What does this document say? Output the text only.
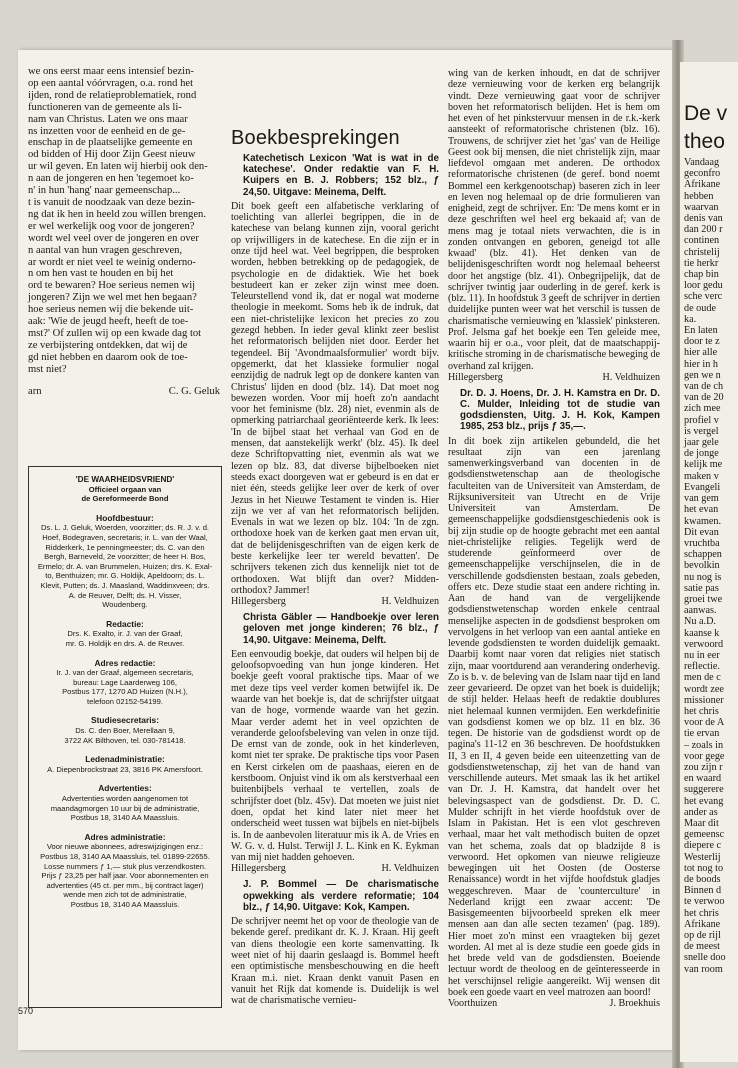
we ons eerst maar eens intensief bezin-
op een aantal vóórvragen, o.a. rond het
ijden, rond de relatieproblematiek, rond
functioneren van de gemeente als li-
nam van Christus. Laten we ons maar
ns inzetten voor de eenheid en de ge-
enschap in de plaatselijke gemeente en
od bidden of Hij door Zijn Geest nieuw
ur wil geven. En laten wij hierbij ook den-
n aan de jongeren en hen 'tegemoet ko-
n' in hun 'hang' naar gemeenschap...
t is vanuit de noodzaak van deze bezin-
ng dat ik hen in heeld zou willen brengen.
er wel werkelijk oog voor de jongeren?
wordt wel veel over de jongeren en over
n aantal van hun vragen geschreven,
ar wordt er niet veel te weinig onderno-
n om hen vast te houden en bij het
ord te bewaren? Hoe serieus nemen wij
jongeren? Zijn we wel met hen begaan?
hoe serieus nemen wij die bekende uit-
aak: 'Wie de jeugd heeft, heeft de toe-
mst?' Of zullen wij op een kwade dag tot
ze verbijstering ontdekken, dat wij de
gd niet hebben en daarom ook de toe-
mst niet?

arn	C. G. Geluk
'DE WAARHEIDSVRIEND'

Officieel orgaan van
de Gereformeerde Bond

Hoofdbestuur:

Ds. L. J. Geluk, Woerden, voorzitter; ds. R. J. v. d.
Hoef, Bodegraven, secretaris; ir. L. van der Waal,
Ridderkerk, 1e penningmeester; ds. C. van den
Bergh, Barneveld, 2e voorzitter; de heer H. Bos,
Ermelo; dr. A. van Brummelen, Huizen; drs. K. Exal-
to, Benthuizen; mr. G. Holdijk, Apeldoorn; ds. L.
Klevit, Putten; ds. J. Maasland, Waddinxveen; drs.
A. de Reuver, Delft; ds. H. Visser,
Woudenberg.

Redactie:

Drs. K. Exalto, ir. J. van der Graaf,
mr. G. Holdijk en drs. A. de Reuver.

Adres redactie:

Ir. J. van der Graaf, algemeen secretaris,
bureau: Lage Laarderweg 106,
Postbus 177, 1270 AD Huizen (N.H.),
telefoon 02152-54199.

Studiesecretaris:

Ds. C. den Boer, Merellaan 9,
3722 AK Bilthoven, tel. 030-781418.

Ledenadministratie:

A. Diepenbrockstraat 23, 3816 PK Amersfoort.

Advertenties:

Advertenties worden aangenomen tot
maandagmorgen 10 uur bij de administratie,
Postbus 18, 3140 AA Maassluis.

Adres administratie:

Voor nieuwe abonnees, adreswijzigingen enz.:
Postbus 18, 3140 AA Maassluis, tel. 01899-22655.
Losse nummers ƒ 1,— stuk plus verzendkosten.
Prijs ƒ 23,25 per half jaar. Voor abonnementen en
advertenties (45 ct. per mm., bij contract lager)
wende men zich tot de administratie,
Postbus 18, 3140 AA Maassluis.

570
Boekbesprekingen
Katechetisch Lexicon 'Wat is wat in de katechese'. Onder redaktie van F. H. Kuipers en B. J. Robbers; 152 blz., ƒ 24,50. Uitgave: Meinema, Delft.

Dit boek geeft een alfabetische verklaring of toelichting van allerlei begrippen, die in de katechese van belang kunnen zijn, vooral gericht op vrijwilligers in de katechese. En die zijn er in onze tijd heel wat. Veel begrippen, die besproken worden, hebben betrekking op de pedagogiek, de psychologie en de didaktiek. Wie het boek bestudeert kan er zeker zijn winst mee doen. Teleurstellend vond ik, dat er nogal wat moderne theologie in meekomt. Soms heb ik de indruk, dat een niet-christelijke lexicon het precies zo zou gezegd hebben. In ieder geval klinkt zeer beslist het reformatorisch belijden niet door. Eerder het tegendeel. Bij 'Avondmaalsformulier' wordt bijv. opgemerkt, dat het klassieke formulier nogal eenzijdig de nadruk legt op de donkere kanten van Christus' lijden en dood (blz. 14). Dat moet nog bewezen worden. Voor mij hoeft zo'n aandacht voor het feminisme (blz. 28) niet, evenmin als de opmerking patriarchaal georiënteerde kerk. Ik lees: 'In de bijbel staat het verhaal van God en de mensen, dat aanstekelijk werkt' (blz. 45). Ik deel deze Schriftopvatting niet, evenmin als wat we lezen op blz. 83, dat diverse bijbelboeken niet steeds exact doorgeven wat er gebeurd is en dat er niet één, steeds gelijke leer over de kerk of over Jezus in het Nieuwe Testament te vinden is. Hier zijn we ver af van het reformatorisch belijden. Evenals in wat we lezen op blz. 104: 'In de zgn. orthodoxe hoek van de kerken gaat men ervan uit, dat de belijdenisgeschriften van de eigen kerk de beste kerkelijke leer ter wereld bevatten'. De schrijvers tekenen zich dus kennelijk niet tot de orthodoxen. Wat blijft dan over? Midden-orthodox? Jammer!

Hillegersberg	H. Veldhuizen
Christa Gäbler — Handboekje over leren geloven met jonge kinderen; 76 blz., ƒ 14,90. Uitgave: Meinema, Delft.

Een eenvoudig boekje, dat ouders wil helpen bij de geloofsopvoeding van hun jonge kinderen. Het boekje geeft vooral praktische tips. Maar of we met deze tips veel verder komen betwijfel ik. De waarde van het boekje is, dat de schrijfster uitgaat van de hoge, vormende waarde van het gezin. Maar verder ademt het in veel opzichten de veranderde geloofsbeleving van velen in onze tijd. De ernst van de zonde, ook in het kinderleven, komt niet ter sprake. De praktische tips voor Pasen en Kerst cirkelen om de paashaas, eieren en de kerstboom. Onjuist vind ik om als kerstverhaal een buitenbijbels verhaal te vertellen, zoals de schrijfster doet (blz. 45v). Dat moeten we juist niet doen, opdat het kind later niet meer het onderscheid weet tussen wat bijbels en niet-bijbels is. In de aanbevolen literatuur mis ik A. de Vries en W. G. v. d. Hulst. Terwijl J. L. Kink en K. Eykman van mij niet hadden gehoeven.

Hillegersberg	H. Veldhuizen
J. P. Bommel — De charismatische opwekking als verdere reformatie; 104 blz., ƒ 14,90. Uitgave: Kok, Kampen.

De schrijver neemt het op voor de theologie van de bekende geref. predikant dr. K. J. Kraan. Hij geeft van diens theologie een korte samenvatting. Ik weet niet of hij daarin geslaagd is. Bommel heeft een optimistische mensbeschouwing en die heeft Kraan m.i. niet. Kraan denkt vanuit Pasen en vanuit het Rijk dat komende is. Duidelijk is wel wat de charismatische vernieu-

wing van de kerken inhoudt, en dat de schrijver deze vernieuwing voor de kerken erg belangrijk vindt. Deze vernieuwing gaat voor de schrijver boven het reformatorisch belijden. Het is hem om het even of het pinkstervuur mensen in de r.k.-kerk aansteekt of reformatorische christenen (blz. 16). Trouwens, de schrijver ziet het 'gas' van de Heilige Geest ook bij mensen, die niet christelijk zijn, maar liefdevol omgaan met anderen. De orthodox reformatorische christenen (de geref. bond noemt Bommel een kerkgenootschap) baseren zich in leer en leven nog helemaal op de drie formulieren van enigheid, zegt de schrijver. En: 'De mens komt er in deze geschriften wel heel erg bekaaid af; van de mens mag je totaal niets verwachten, die is in zonden ontvangen en geboren, geneigd tot alle kwaad' (blz. 41). Het denken van de belijdenisgeschriften wordt nog helemaal beheerst door het angstige (blz. 41). Onbegrijpelijk, dat de schrijver twintig jaar ouderling in de geref. kerk is (blz. 11). In hoofdstuk 3 geeft de schrijver in dertien duidelijke punten weer wat het verschil is tussen de charismatische vernieuwing en 'klassiek' pinksteren. Prof. Jelsma gaf het boekje een Ten geleide mee, waarin hij er o.a., voor pleit, dat de maatschappij-kritische stroming in de charismatische beweging de overhand zal krijgen.

Hillegersberg	H. Veldhuizen
Dr. D. J. Hoens, Dr. J. H. Kamstra en Dr. D. C. Mulder, Inleiding tot de studie van godsdiensten, Uitg. J. H. Kok, Kampen 1985, 253 blz., prijs ƒ 35,—.

In dit boek zijn artikelen gebundeld, die het resultaat zijn van een jarenlang samenwerkingsverband van docenten in de godsdienstwetenschap aan de theologische faculteiten van de Universiteit van Amsterdam, de Rijksuniversiteit van Utrecht en de Vrije Universiteit van Amsterdam. De gemeenschappelijke godsdienstgeschiedenis ook is bij zijn studie op de hoogte gebracht met een aantal niet-christelijke religies. Tegelijk werd de studerende geïnformeerd over de gemeenschappelijke verschijnselen, die in de verschillende godsdiensten bestaan, zoals gebeden, offers etc. Deze studie staat een andere richting in. Aan de hand van de vergelijkende godsdienstwetenschap worden enkele centraal menselijke aspecten in de godsdienst besproken om vervolgens in het verloop van een aantal antieke en levende godsdiensten te worden duidelijk gemaakt. Daarbij komt naar voren dat religies niet statisch zijn, maar voortdurend aan verandering onderhevig. Zo is b. v. de beleving van de Islam naar tijd en land zeer gevarieerd. De opzet van het boek is duidelijk; de stijl helder. Helaas heeft de redaktie doublures niet helemaal kunnen vermijden. Een werkdefinitie van godsdienst komen we op blz. 11 en blz. 36 tegen. De historie van de godsdienst wordt op de pagina's 11-12 en 36 beschreven. De hoofdstukken II, 3 en II, 4 geven beide een uiteenzetting van de godsdienstwetenschap, zij het van de hand van verschillende auteurs. Met smaak las ik het artikel van Dr. J. H. Kamstra, dat handelt over het belevingsaspect van de godsdienst. Dr. D. C. Mulder schrijft in het vierde hoofdstuk over de Islam in Pakistan. Het is een vlot geschreven verhaal, maar het valt methodisch buiten de opzet van het schema, zoals dat op bladzijde 8 is verwoord. Het opkomen van nieuwe religieuze bewegingen uit het Oosten (de Oosterse Renaissance) wordt in het vijfde hoofdstuk gladjes weggeschreven. Maar de 'counterculture' in Nederland krijgt een zwaar accent: 'De Basisgemeenten bijvoorbeeld spreken elk meer mensen aan dan alle secten tezamen' (pag. 189). Hier moet zo'n minst een vraagteken bij gezet worden. Al met al is deze studie een goede gids in het brede veld van de godsdiensten. Boeiende lectuur wordt de theoloog en de geïnteresseerde in het verschijnsel religie aangereikt. Wij wensen dit boek een goede vaart en veel matrozen aan boord!

Voorthuizen	J. Broekhuis
De v
theo
Vandaag
geconfro
Afrikane
hebben
waarvan
denis van
dan 200 r
continen
christelij
tie herkr
chap bin
loor gedu
sche verc
de oude
ka.
En laten
door te z
hier alle
hier in h
gen we n
van de ch
van de 20
zich mee
profiel v
is vergel
jaar gele
de jonge
kelijk me
maken v
Evangeli
van gem
het evan
kwamen.
Dit evan
vruchtba
schappen
bevolkin
nu nog is
satie pas
groei twe
aanwas.
Nu a.D.
kaanse k
verwoord
nu in eer
reflectie.
men de c
wordt zee
missioner
het chris
voor de A
tie ervan
– zoals in
voor gege
zou zijn r
en waard
suggerere
het evang
ander as
Maar dit
gemeensc
diepere c
Westerlij
tot nog to
de boods
Binnen d
te verwoo
het chris
Afrikane
op de rijl
de meest
snelle doo
van room
